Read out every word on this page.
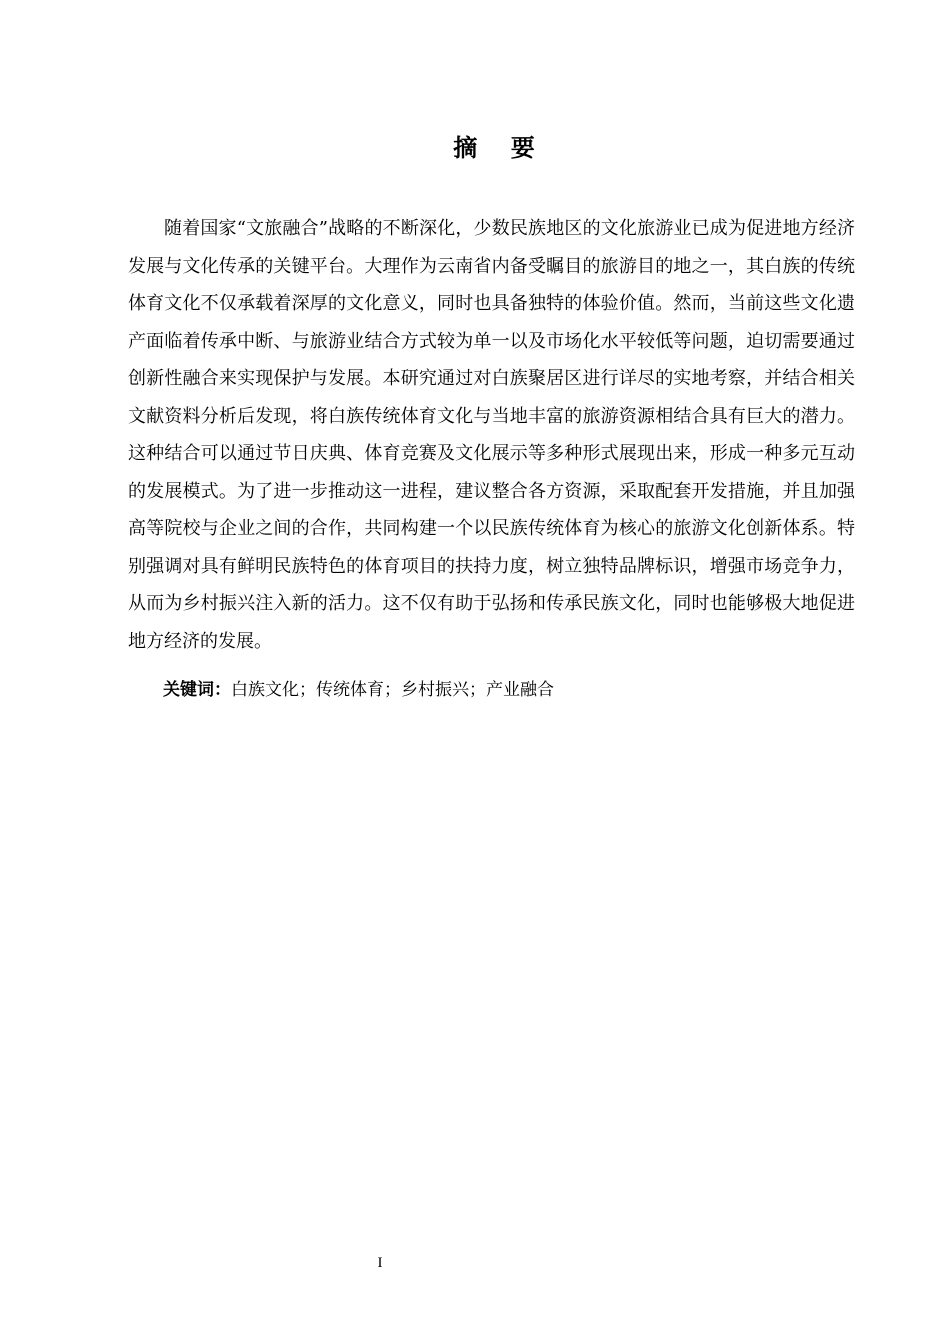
摘    要

随着国家“文旅融合”战略的不断深化，少数民族地区的文化旅游业已成为促进地方经济发展与文化传承的关键平台。大理作为云南省内备受瞩目的旅游目的地之一，其白族的传统体育文化不仅承载着深厚的文化意义，同时也具备独特的体验价值。然而，当前这些文化遗产面临着传承中断、与旅游业结合方式较为单一以及市场化水平较低等问题，迫切需要通过创新性融合来实现保护与发展。本研究通过对白族聚居区进行详尽的实地考察，并结合相关文献资料分析后发现，将白族传统体育文化与当地丰富的旅游资源相结合具有巨大的潜力。这种结合可以通过节日庆典、体育竞赛及文化展示等多种形式展现出来，形成一种多元互动的发展模式。为了进一步推动这一进程，建议整合各方资源，采取配套开发措施，并且加强高等院校与企业之间的合作，共同构建一个以民族传统体育为核心的旅游文化创新体系。特别强调对具有鲜明民族特色的体育项目的扶持力度，树立独特品牌标识，增强市场竞争力，从而为乡村振兴注入新的活力。这不仅有助于弘扬和传承民族文化，同时也能够极大地促进地方经济的发展。

关键词：白族文化；传统体育；乡村振兴；产业融合
I
